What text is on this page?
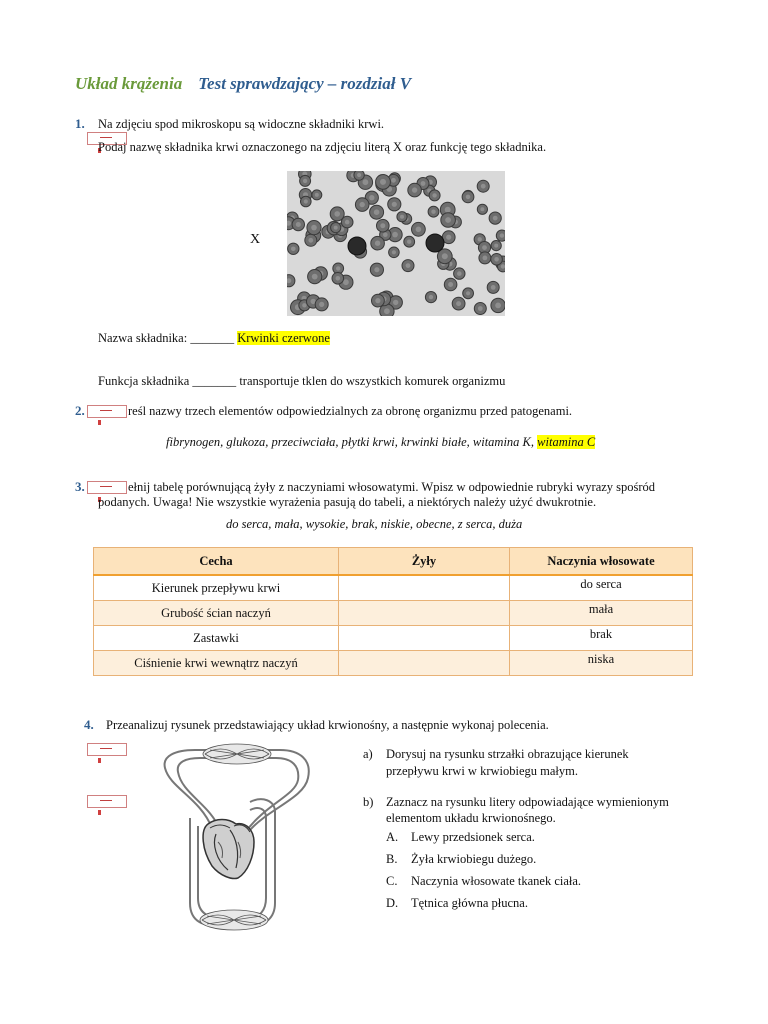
Układ krążenia Test sprawdzający – rozdział V
1. Na zdjęciu spod mikroskopu są widoczne składniki krwi.
Podaj nazwę składnika krwi oznaczonego na zdjęciu literą X oraz funkcję tego składnika.
X
Nazwa składnika: _______ Krwinki czerwone
Funkcja składnika _______ transportuje tklen do wszystkich komurek organizmu
2.	reśl nazwy trzech elementów odpowiedzialnych za obronę organizmu przed patogenami.
fibrynogen, glukoza, przeciwciała, płytki krwi, krwinki białe, witamina K, witamina C
3.	ełnij tabelę porównującą żyły z naczyniami włosowatymi. Wpisz w odpowiednie rubryki wyrazy spośród
podanych. Uwaga! Nie wszystkie wyrażenia pasują do tabeli, a niektórych należy użyć dwukrotnie.
do serca, mała, wysokie, brak, niskie, obecne, z serca, duża
Cecha	Żyły	Naczynia włosowate
Kierunek przepływu krwi		do serca
Grubość ścian naczyń		mała
Zastawki		brak
Ciśnienie krwi wewnątrz naczyń		niska
4. Przeanalizuj rysunek przedstawiający układ krwionośny, a następnie wykonaj polecenia.
a) Dorysuj na rysunku strzałki obrazujące kierunek
przepływu krwi w krwiobiegu małym.
b) Zaznacz na rysunku litery odpowiadające wymienionym
elementom układu krwionośnego.
A. Lewy przedsionek serca.
B. Żyła krwiobiegu dużego.
C. Naczynia włosowate tkanek ciała.
D. Tętnica główna płucna.
